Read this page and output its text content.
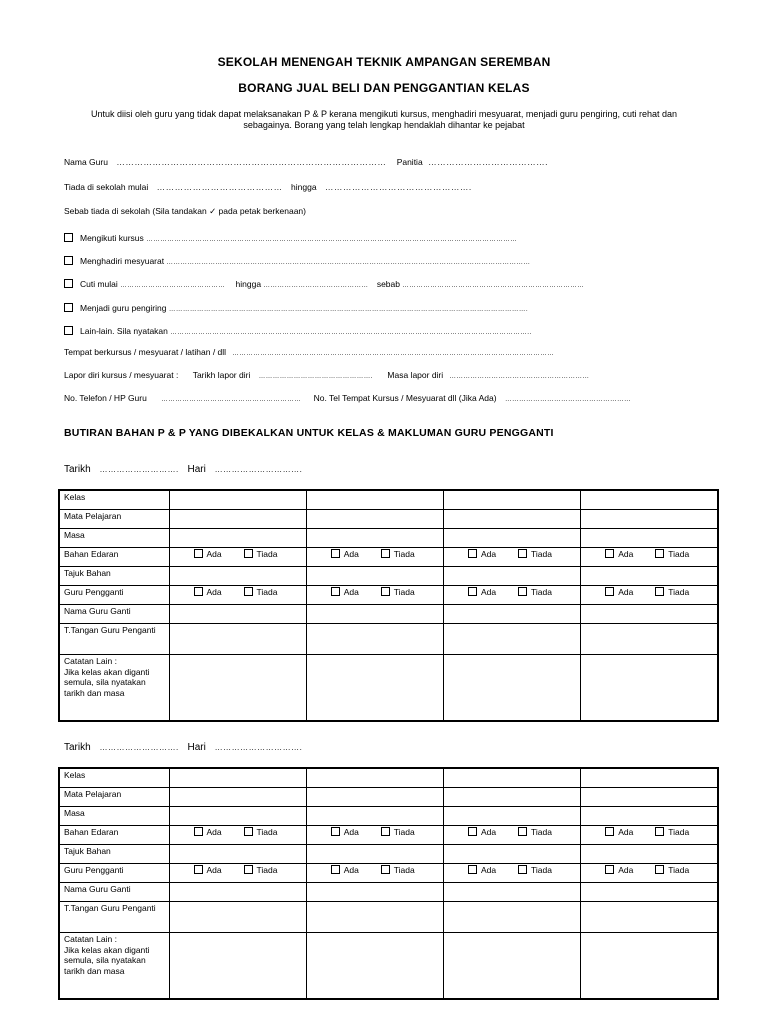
SEKOLAH MENENGAH TEKNIK AMPANGAN SEREMBAN
BORANG JUAL BELI DAN PENGGANTIAN KELAS
Untuk diisi oleh guru yang tidak dapat melaksanakan P & P kerana mengikuti kursus, menghadiri mesyuarat, menjadi guru pengiring, cuti rehat dan sebagainya. Borang yang telah lengkap hendaklah dihantar ke pejabat
Nama Guru ……………………………………………………………………………… Panitia ………………………………….
Tiada di sekolah mulai …………………………………… hingga ………………………………………….
Sebab tiada di sekolah (Sila tandakan ✓ pada petak berkenaan)
Mengikuti kursus ……………………………………………………………………………………………………………………………………………
Menghadiri mesyuarat …………………………………………………………………………………………………………………………………………
Cuti mulai ……………………………………… hingga ……………………………………… sebab ……………………………………………………………………
Menjadi guru pengiring ……………………………………………………………………………………………………………………………………….
Lain-lain. Sila nyatakan ………………………………………………………………………………………………………………………………………..
Tempat berkursus / mesyuarat / latihan / dll …………………………………………………………………………………………………………………………
Lapor diri kursus / mesyuarat : Tarikh lapor diri …………………………………………. Masa lapor diri ……………………………………………………
No. Telefon / HP Guru …………………………………………………… No. Tel Tempat Kursus / Mesyuarat dll (Jika Ada) ………………………………………………
BUTIRAN BAHAN P & P YANG DIBEKALKAN UNTUK KELAS & MAKLUMAN GURU PENGGANTI
Tarikh ………………………. Hari ………………………….
Kelas				
Mata Pelajaran				
Masa				
Bahan Edaran	Ada Tiada	Ada Tiada	Ada Tiada	Ada Tiada
Tajuk Bahan				
Guru Pengganti	Ada Tiada	Ada Tiada	Ada Tiada	Ada Tiada
Nama Guru Ganti				
T.Tangan Guru Penganti				
Catatan Lain :
Jika kelas akan diganti semula, sila nyatakan tarikh dan masa				
Tarikh ………………………. Hari ………………………….
Kelas				
Mata Pelajaran				
Masa				
Bahan Edaran	Ada Tiada	Ada Tiada	Ada Tiada	Ada Tiada
Tajuk Bahan				
Guru Pengganti	Ada Tiada	Ada Tiada	Ada Tiada	Ada Tiada
Nama Guru Ganti				
T.Tangan Guru Penganti				
Catatan Lain :
Jika kelas akan diganti semula, sila nyatakan tarikh dan masa				
